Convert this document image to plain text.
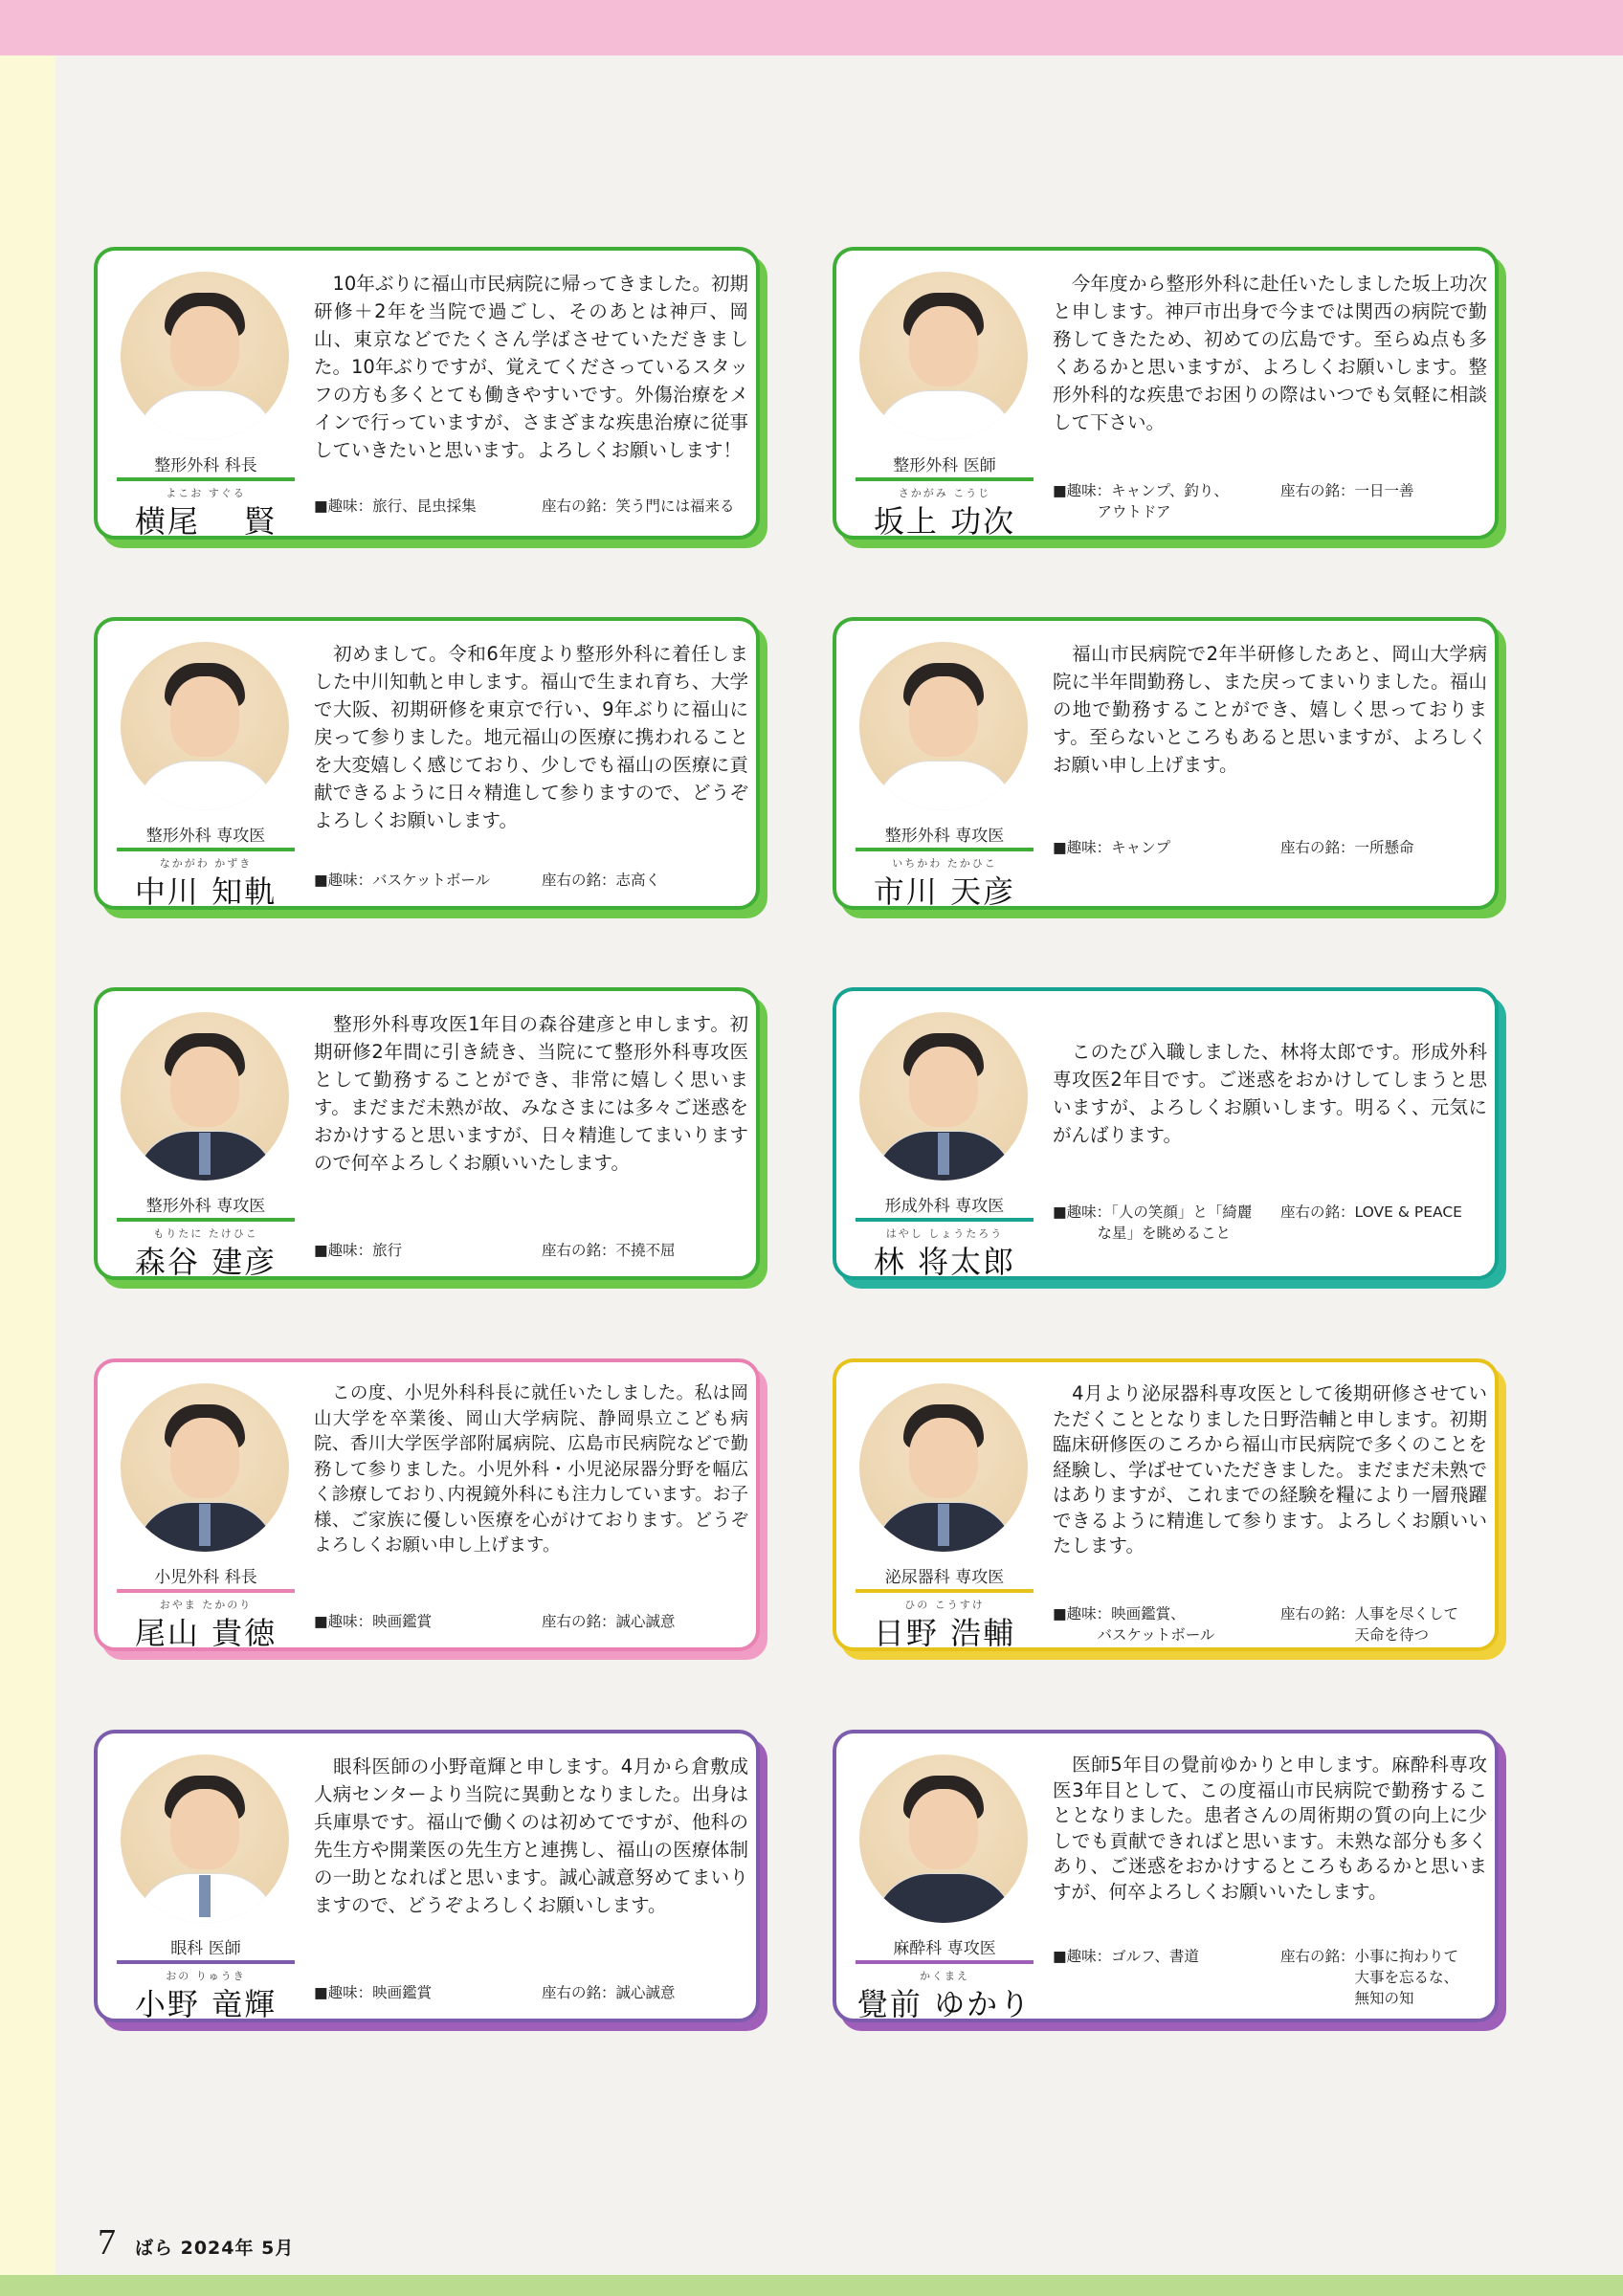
整形外科 科長
よこお すぐる
横尾　 賢
　10年ぶりに福山市民病院に帰ってきました。初期研修＋2年を当院で過ごし、そのあとは神戸、岡山、東京などでたくさん学ばさせていただきました。10年ぶりですが、覚えてくださっているスタッフの方も多くとても働きやすいです。外傷治療をメインで行っていますが、さまざまな疾患治療に従事していきたいと思います。よろしくお願いします！
■趣味：旅行、昆虫採集	座右の銘：笑う門には福来る
整形外科 医師
さかがみ こうじ
坂上 功次
　今年度から整形外科に赴任いたしました坂上功次と申します。神戸市出身で今までは関西の病院で勤務してきたため、初めての広島です。至らぬ点も多くあるかと思いますが、よろしくお願いします。整形外科的な疾患でお困りの際はいつでも気軽に相談して下さい。
■趣味：キャンプ、釣り、
　　　アウトドア
座右の銘：一日一善
整形外科 専攻医
なかがわ かずき
中川 知軌
　初めまして。令和6年度より整形外科に着任しました中川知軌と申します。福山で生まれ育ち、大学で大阪、初期研修を東京で行い、9年ぶりに福山に戻って参りました。地元福山の医療に携われることを大変嬉しく感じており、少しでも福山の医療に貢献できるように日々精進して参りますので、どうぞよろしくお願いします。
■趣味：バスケットボール	座右の銘：志高く
整形外科 専攻医
いちかわ たかひこ
市川 天彦
　福山市民病院で2年半研修したあと、岡山大学病院に半年間勤務し、また戻ってまいりました。福山の地で勤務することができ、嬉しく思っております。至らないところもあると思いますが、よろしくお願い申し上げます。
■趣味：キャンプ	座右の銘：一所懸命
整形外科 専攻医
もりたに たけひこ
森谷 建彦
　整形外科専攻医1年目の森谷建彦と申します。初期研修2年間に引き続き、当院にて整形外科専攻医として勤務することができ、非常に嬉しく思います。まだまだ未熟が故、みなさまには多々ご迷惑をおかけすると思いますが、日々精進してまいりますので何卒よろしくお願いいたします。
■趣味：旅行	座右の銘：不撓不屈
形成外科 専攻医
はやし しょうたろう
林 将太郎

　このたび入職しました、林将太郎です。形成外科専攻医2年目です。ご迷惑をおかけしてしまうと思いますが、よろしくお願いします。明るく、元気にがんばります。
■趣味：「人の笑顔」と「綺麗
　　　な星」を眺めること
座右の銘：LOVE & PEACE
小児外科 科長
おやま たかのり
尾山 貴徳
　この度、小児外科科長に就任いたしました。私は岡山大学を卒業後、岡山大学病院、静岡県立こども病院、香川大学医学部附属病院、広島市民病院などで勤務して参りました。小児外科・小児泌尿器分野を幅広く診療しており､内視鏡外科にも注力しています。お子様、ご家族に優しい医療を心がけております。どうぞよろしくお願い申し上げます。
■趣味：映画鑑賞	座右の銘：誠心誠意
泌尿器科 専攻医
ひの こうすけ
日野 浩輔
　4月より泌尿器科専攻医として後期研修させていただくこととなりました日野浩輔と申します。初期臨床研修医のころから福山市民病院で多くのことを経験し、学ばせていただきました。まだまだ未熟ではありますが、これまでの経験を糧により一層飛躍できるように精進して参ります。よろしくお願いいたします。
■趣味：映画鑑賞、
　　　バスケットボール
座右の銘：人事を尽くして
　　　　　天命を待つ
眼科 医師
おの りゅうき
小野 竜輝
　眼科医師の小野竜輝と申します。4月から倉敷成人病センターより当院に異動となりました。出身は兵庫県です。福山で働くのは初めてですが、他科の先生方や開業医の先生方と連携し、福山の医療体制の一助となれぱと思います。誠心誠意努めてまいりますので、どうぞよろしくお願いします。
■趣味：映画鑑賞	座右の銘：誠心誠意
麻酔科 専攻医
かくまえ
覺前 ゆかり
　医師5年目の覺前ゆかりと申します。麻酔科専攻医3年目として、この度福山市民病院で勤務することとなりました。患者さんの周術期の質の向上に少しでも貢献できればと思います。未熟な部分も多くあり、ご迷惑をおかけするところもあるかと思いますが、何卒よろしくお願いいたします。
■趣味：ゴルフ、書道	座右の銘：小事に拘わりて
　　　　　大事を忘るな、
　　　　　無知の知
7 ばら 2024年 5月
